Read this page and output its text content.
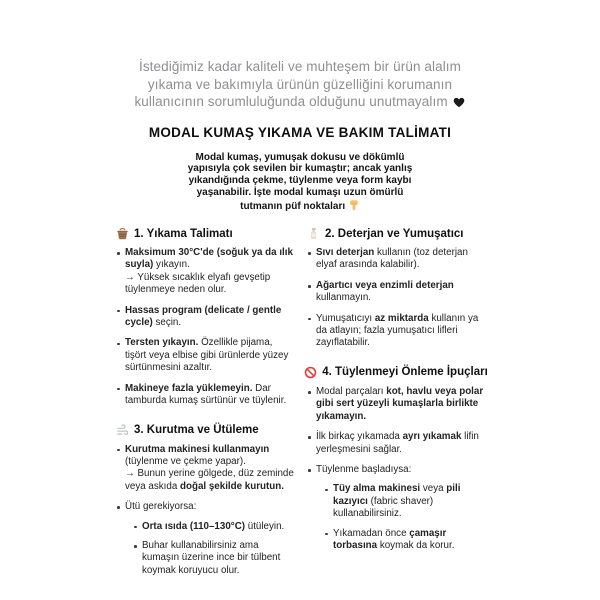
İstediğimiz kadar kaliteli ve muhteşem bir ürün alalım
yıkama ve bakımıyla ürünün güzelliğini korumanın
kullanıcının sorumluluğunda olduğunu unutmayalım
MODAL KUMAŞ YIKAMA VE BAKIM TALİMATI
Modal kumaş, yumuşak dokusu ve dökümlü
yapısıyla çok sevilen bir kumaştır; ancak yanlış
yıkandığında çekme, tüylenme veya form kaybı
yaşanabilir. İşte modal kumaşı uzun ömürlü
tutmanın püf noktaları
1. Yıkama Talimatı
Maksimum 30°C'de (soğuk ya da ılık suyla) yıkayın.
→ Yüksek sıcaklık elyafı gevşetip tüylenmeye neden olur.
Hassas program (delicate / gentle cycle) seçin.
Tersten yıkayın. Özellikle pijama, tişört veya elbise gibi ürünlerde yüzey sürtünmesini azaltır.
Makineye fazla yüklemeyin. Dar tamburda kumaş sürtünür ve tüylenir.
3. Kurutma ve Ütüleme
Kurutma makinesi kullanmayın (tüylenme ve çekme yapar).
→ Bunun yerine gölgede, düz zeminde veya askıda doğal şekilde kurutun.
Ütü gerekiyorsa:
Orta ısıda (110–130°C) ütüleyin.
Buhar kullanabilirsiniz ama kumaşın üzerine ince bir tülbent koymak koruyucu olur.
2. Deterjan ve Yumuşatıcı
Sıvı deterjan kullanın (toz deterjan elyaf arasında kalabilir).
Ağartıcı veya enzimli deterjan kullanmayın.
Yumuşatıcıyı az miktarda kullanın ya da atlayın; fazla yumuşatıcı lifleri zayıflatabilir.
4. Tüylenmeyi Önleme İpuçları
Modal parçaları kot, havlu veya polar gibi sert yüzeyli kumaşlarla birlikte yıkamayın.
İlk birkaç yıkamada ayrı yıkamak lifin yerleşmesini sağlar.
Tüylenme başladıysa:
Tüy alma makinesi veya pili kazıyıcı (fabric shaver) kullanabilirsiniz.
Yıkamadan önce çamaşır torbasına koymak da korur.
